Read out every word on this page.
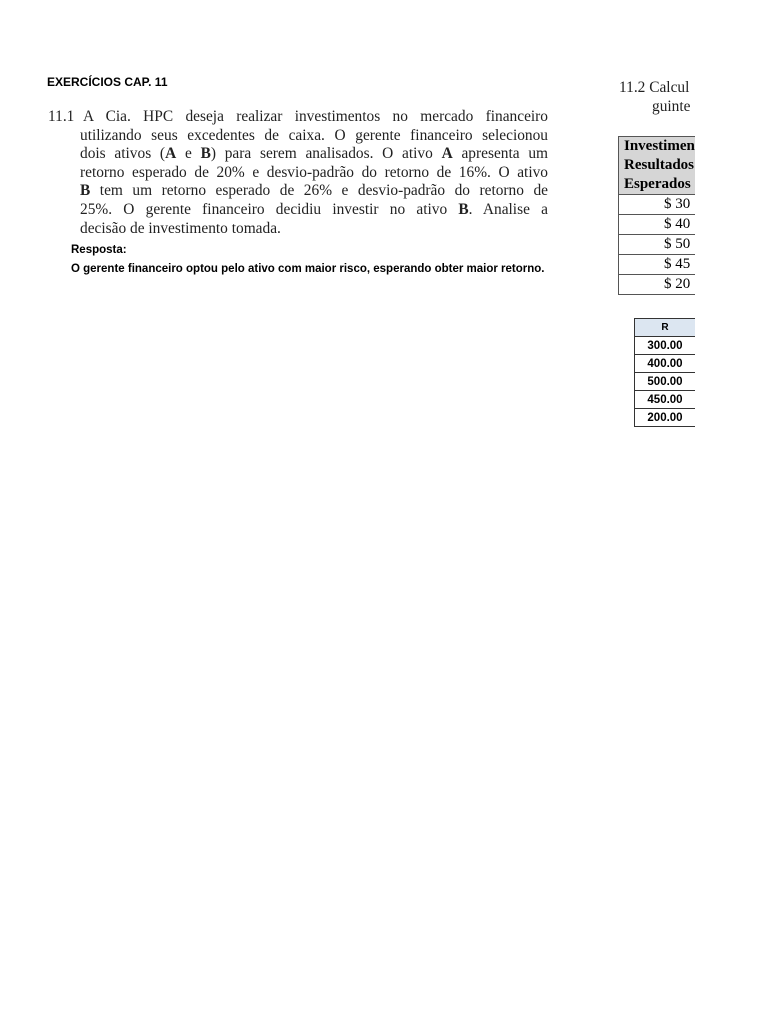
EXERCÍCIOS CAP. 11
11.1 A Cia. HPC deseja realizar investimentos no mercado financeiro
utilizando seus excedentes de caixa. O gerente financeiro selecionou
dois ativos (A e B) para serem analisados. O ativo A apresenta um
retorno esperado de 20% e desvio-padrão do retorno de 16%. O ativo
B tem um retorno esperado de 26% e desvio-padrão do retorno de
25%. O gerente financeiro decidiu investir no ativo B. Analise a
decisão de investimento tomada.
Resposta:
O gerente financeiro optou pelo ativo com maior risco, esperando obter maior retorno.
11.2 Calcul
guinte
Investimen
Resultados
Esperados
$ 30
$ 40
$ 50
$ 45
$ 20
R
300.00
400.00
500.00
450.00
200.00
